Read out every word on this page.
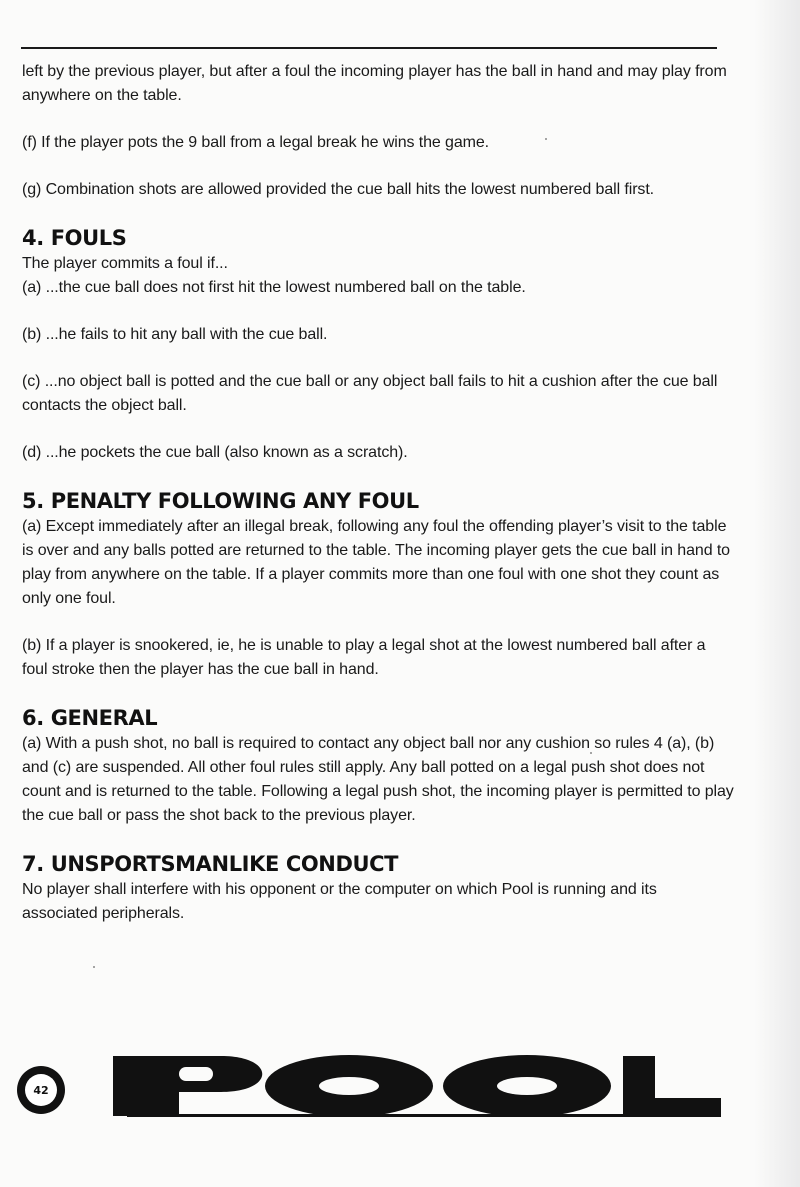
left by the previous player, but after a foul the incoming player has the ball in hand and may play from anywhere on the table.

(f) If the player pots the 9 ball from a legal break he wins the game.

(g) Combination shots are allowed provided the cue ball hits the lowest numbered ball first.

4. FOULS

The player commits a foul if...

(a) ...the cue ball does not first hit the lowest numbered ball on the table.

(b) ...he fails to hit any ball with the cue ball.

(c) ...no object ball is potted and the cue ball or any object ball fails to hit a cushion after the cue ball contacts the object ball.

(d) ...he pockets the cue ball (also known as a scratch).

5. PENALTY FOLLOWING ANY FOUL

(a) Except immediately after an illegal break, following any foul the offending player’s visit to the table is over and any balls potted are returned to the table. The incoming player gets the cue ball in hand to play from anywhere on the table. If a player commits more than one foul with one shot they count as only one foul.

(b) If a player is snookered, ie, he is unable to play a legal shot at the lowest numbered ball after a foul stroke then the player has the cue ball in hand.

6. GENERAL

(a) With a push shot, no ball is required to contact any object ball nor any cushion so rules 4 (a), (b) and (c) are suspended. All other foul rules still apply. Any ball potted on a legal push shot does not count and is returned to the table. Following a legal push shot, the incoming player is permitted to play the cue ball or pass the shot back to the previous player.

7. UNSPORTSMANLIKE CONDUCT

No player shall interfere with his opponent or the computer on which Pool is running and its associated peripherals.

42
